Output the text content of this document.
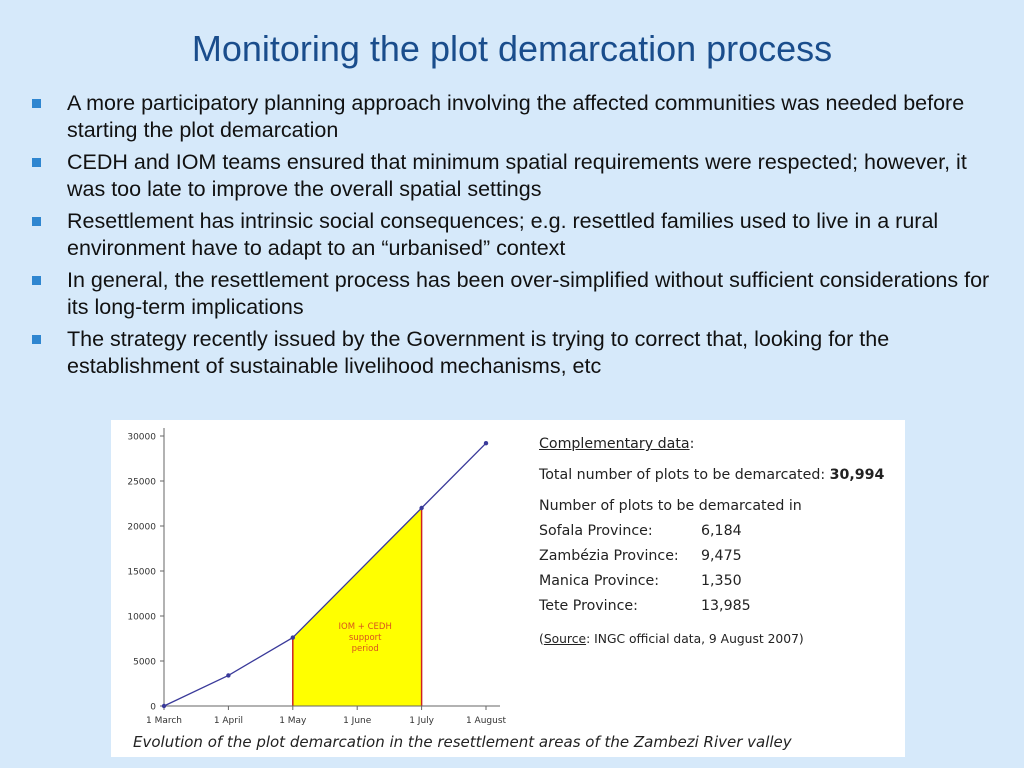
Monitoring the plot demarcation process
A more participatory planning approach involving the affected communities was needed before starting the plot demarcation
CEDH and IOM teams ensured that minimum spatial requirements were respected; however, it was too late to improve the overall spatial settings
Resettlement has intrinsic social consequences; e.g. resettled families used to live in a rural environment have to adapt to an “urbanised” context
In general, the resettlement process has been over-simplified without sufficient considerations for its long-term implications
The strategy recently issued by the Government is trying to correct that, looking for the establishment of sustainable livelihood mechanisms, etc
IOM + CEDH
support
period
0
5000
10000
15000
20000
25000
30000
1 March	1 April	1 May	1 June	1 July	1 August
Complementary data:
Total number of plots to be demarcated: 30,994
Number of plots to be demarcated in
Sofala Province:	6,184
Zambézia Province: 9,475
Manica Province:	1,350
Tete Province:	13,985
(Source: INGC official data, 9 August 2007)
Evolution of the plot demarcation in the resettlement areas of the Zambezi River valley
